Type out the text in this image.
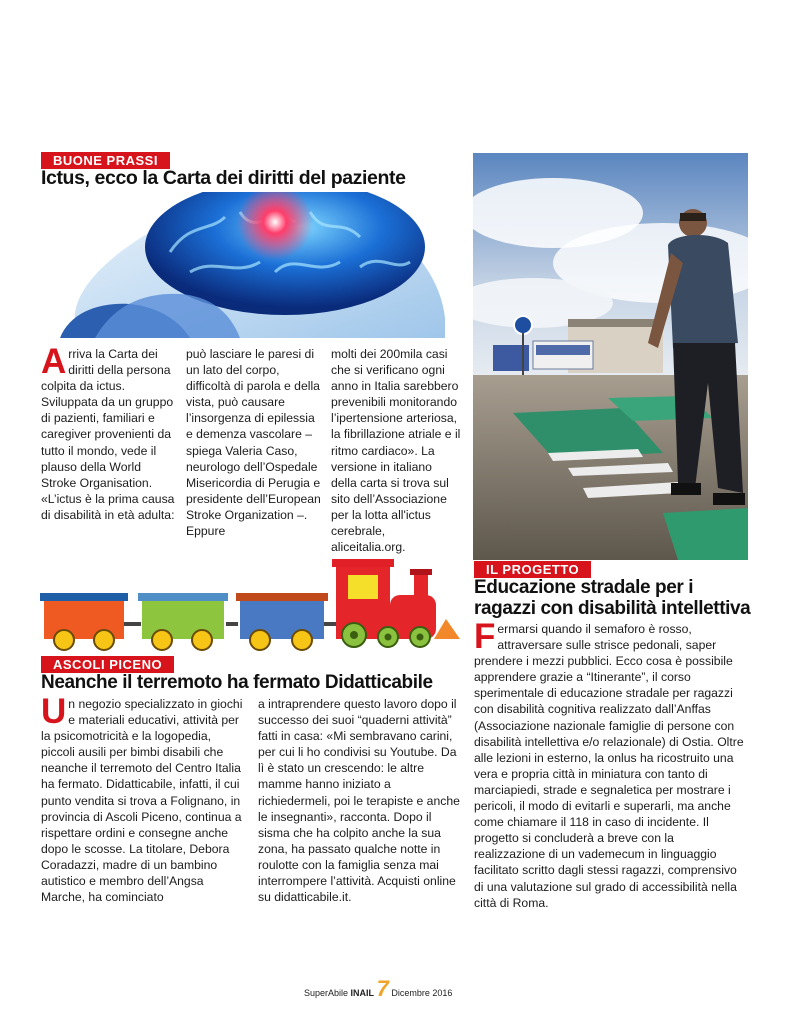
BUONE PRASSI
Ictus, ecco la Carta dei diritti del paziente
A rriva la Carta dei diritti della persona colpita da ictus. Sviluppata da un gruppo di pazienti, familiari e caregiver provenienti da tutto il mondo, vede il plauso della World Stroke Organisation. «L’ictus è la prima causa di disabilità in età adulta:
può lasciare le paresi di un lato del corpo, difficoltà di parola e della vista, può causare l’insorgenza di epilessia e demenza vascolare – spiega Valeria Caso, neurologo dell’Ospedale Misericordia di Perugia e presidente dell’European Stroke Organization –. Eppure
molti dei 200mila casi che si verificano ogni anno in Italia sarebbero prevenibili monitorando l’ipertensione arteriosa, la fibrillazione atriale e il ritmo cardiaco». La versione in italiano della carta si trova sul sito dell’Associazione per la lotta all'ictus cerebrale, aliceitalia.org.
ASCOLI PICENO
Neanche il terremoto ha fermato Didatticabile
U n negozio specializzato in giochi e materiali educativi, attività per la psicomotricità e la logopedia, piccoli ausili per bimbi disabili che neanche il terremoto del Centro Italia ha fermato. Didatticabile, infatti, il cui punto vendita si trova a Folignano, in provincia di Ascoli Piceno, continua a rispettare ordini e consegne anche dopo le scosse. La titolare, Debora Coradazzi, madre di un bambino autistico e membro dell’Angsa Marche, ha cominciato
a intraprendere questo lavoro dopo il successo dei suoi “quaderni attività” fatti in casa: «Mi sembravano carini, per cui li ho condivisi su Youtube. Da lì è stato un crescendo: le altre mamme hanno iniziato a richiedermeli, poi le terapiste e anche le insegnanti», racconta. Dopo il sisma che ha colpito anche la sua zona, ha passato qualche notte in roulotte con la famiglia senza mai interrompere l’attività. Acquisti online su didatticabile.it.
IL PROGETTO
Educazione stradale per i ragazzi con disabilità intellettiva
F ermarsi quando il semaforo è rosso, attraversare sulle strisce pedonali, saper prendere i mezzi pubblici. Ecco cosa è possibile apprendere grazie a “Itinerante”, il corso sperimentale di educazione stradale per ragazzi con disabilità cognitiva realizzato dall’Anffas (Associazione nazionale famiglie di persone con disabilità intellettiva e/o relazionale) di Ostia. Oltre alle lezioni in esterno, la onlus ha ricostruito una vera e propria città in miniatura con tanto di marciapiedi, strade e segnaletica per mostrare i pericoli, il modo di evitarli e superarli, ma anche come chiamare il 118 in caso di incidente. Il progetto si concluderà a breve con la realizzazione di un vademecum in linguaggio facilitato scritto dagli stessi ragazzi, comprensivo di una valutazione sul grado di accessibilità nella città di Roma.
SuperAbile INAIL 7 Dicembre 2016
